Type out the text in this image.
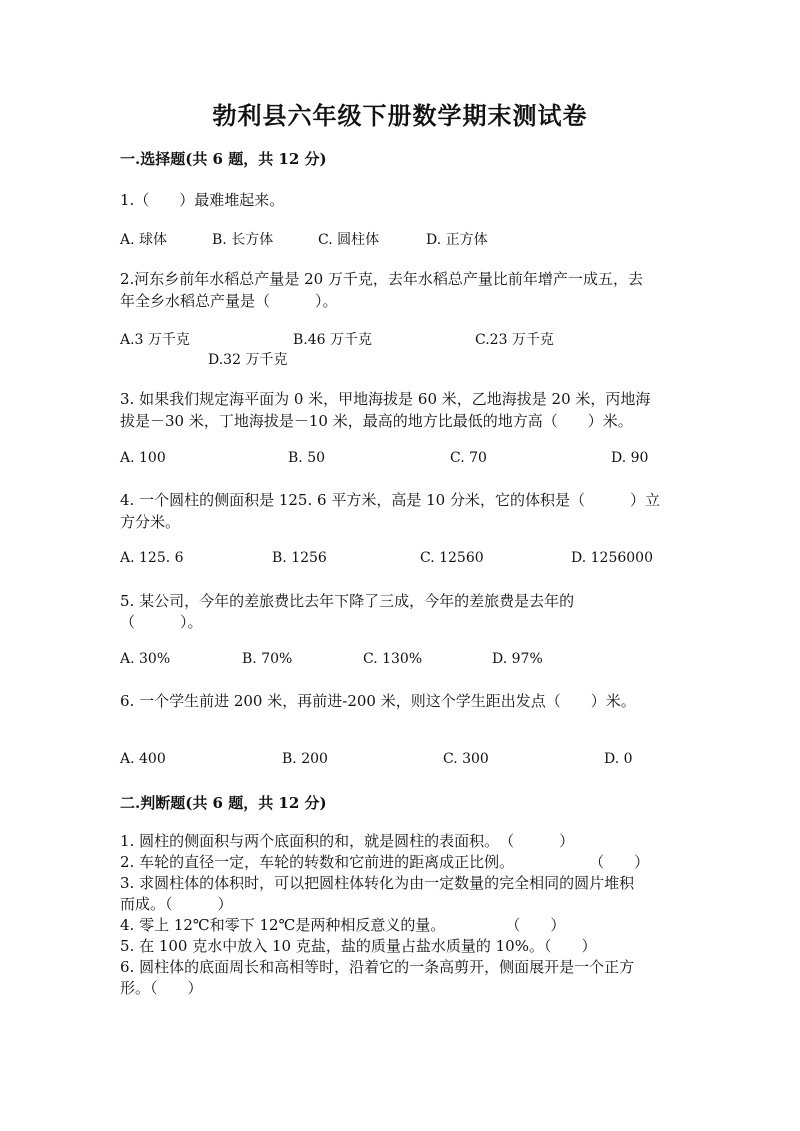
勃利县六年级下册数学期末测试卷
一.选择题(共 6 题，共 12 分)
1.（　　）最难堆起来。
A. 球体	B. 长方体	C. 圆柱体	D. 正方体
2.河东乡前年水稻总产量是 20 万千克，去年水稻总产量比前年增产一成五，去
年全乡水稻总产量是（　　　）。
A.3 万千克	B.46 万千克	C.23 万千克
D.32 万千克
3. 如果我们规定海平面为 0 米，甲地海拔是 60 米，乙地海拔是 20 米，丙地海
拔是－30 米，丁地海拔是－10 米，最高的地方比最低的地方高（　　）米。
A. 100	B. 50	C. 70	D. 90
4. 一个圆柱的侧面积是 125. 6 平方米，高是 10 分米，它的体积是（　　　）立
方分米。
A. 125. 6	B. 1256	C. 12560	D. 1256000
5. 某公司，今年的差旅费比去年下降了三成，今年的差旅费是去年的
（　　　）。
A. 30%	B. 70%	C. 130%	D. 97%
6. 一个学生前进 200 米，再前进-200 米，则这个学生距出发点（　　）米。
A. 400	B. 200	C. 300	D. 0
二.判断题(共 6 题，共 12 分)
1. 圆柱的侧面积与两个底面积的和，就是圆柱的表面积。　（　　　）
2. 车轮的直径一定，车轮的转数和它前进的距离成正比例。　　　　　　（　　）
3. 求圆柱体的体积时，可以把圆柱体转化为由一定数量的完全相同的圆片堆积
而成。（　　　）
4. 零上 12℃和零下 12℃是两种相反意义的量。　　　　　（　　）
5. 在 100 克水中放入 10 克盐，盐的质量占盐水质量的 10%。（　　）
6. 圆柱体的底面周长和高相等时，沿着它的一条高剪开，侧面展开是一个正方
形。（　　）
